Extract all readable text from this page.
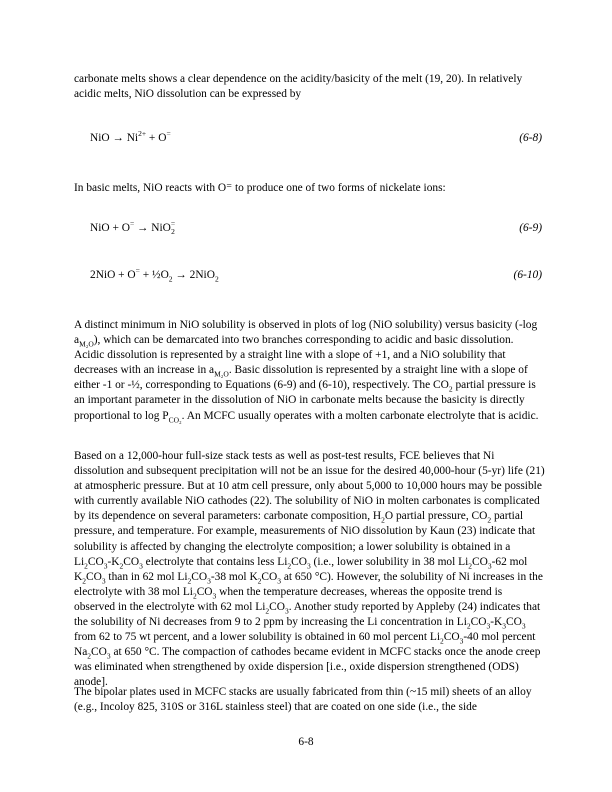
carbonate melts shows a clear dependence on the acidity/basicity of the melt (19, 20). In relatively acidic melts, NiO dissolution can be expressed by

NiO → $Ni^{2+} + O^=$	(6-8)

In basic melts, NiO reacts with O⁼ to produce one of two forms of nickelate ions:

NiO + O= → NiO=$_2$	(6-9)
$2NiO + O^= + \frac{1}{2}O_2 \to 2NiO_2$	(6-10)

A distinct minimum in NiO solubility is observed in plots of log (NiO solubility) versus basicity (-log $a_{M_2O}$), which can be demarcated into two branches corresponding to acidic and basic dissolution. Acidic dissolution is represented by a straight line with a slope of +1, and a NiO solubility that decreases with an increase in $a_{M_2O}$. Basic dissolution is represented by a straight line with a slope of either -1 or -½, corresponding to Equations (6-9) and (6-10), respectively. The $CO_2$ partial pressure is an important parameter in the dissolution of NiO in carbonate melts because the basicity is directly proportional to $\log P_{CO_2}$. An MCFC usually operates with a molten carbonate electrolyte that is acidic.

Based on a 12,000-hour full-size stack tests as well as post-test results, FCE believes that Ni dissolution and subsequent precipitation will not be an issue for the desired 40,000-hour (5-yr) life (21) at atmospheric pressure. But at 10 atm cell pressure, only about 5,000 to 10,000 hours may be possible with currently available NiO cathodes (22). The solubility of NiO in molten carbonates is complicated by its dependence on several parameters: carbonate composition, $H_2O$ partial pressure, $CO_2$ partial pressure, and temperature. For example, measurements of NiO dissolution by Kaun (23) indicate that solubility is affected by changing the electrolyte composition; a lower solubility is obtained in a $Li_2CO_3-K_2CO_3$ electrolyte that contains less $Li_2CO_3$ (i.e., lower solubility in 38 mol $Li_2CO_3-62$ mol $K_2CO_3$ than in 62 mol $Li_2CO_3-38$ mol $K_2CO_3$ at 650 °C). However, the solubility of Ni increases in the electrolyte with 38 mol $Li_2CO_3$ when the temperature decreases, whereas the opposite trend is observed in the electrolyte with 62 mol $Li_2CO_3$. Another study reported by Appleby (24) indicates that the solubility of Ni decreases from 9 to 2 ppm by increasing the Li concentration in $Li_2CO_3-K_3CO_3$ from 62 to 75 wt percent, and a lower solubility is obtained in 60 mol percent $Li_2CO_3-40$ mol percent $Na_2CO_3$ at 650 °C. The compaction of cathodes became evident in MCFC stacks once the anode creep was eliminated when strengthened by oxide dispersion [i.e., oxide dispersion strengthened (ODS) anode].

The bipolar plates used in MCFC stacks are usually fabricated from thin (~15 mil) sheets of an alloy (e.g., Incoloy 825, 310S or 316L stainless steel) that are coated on one side (i.e., the side

6-8
